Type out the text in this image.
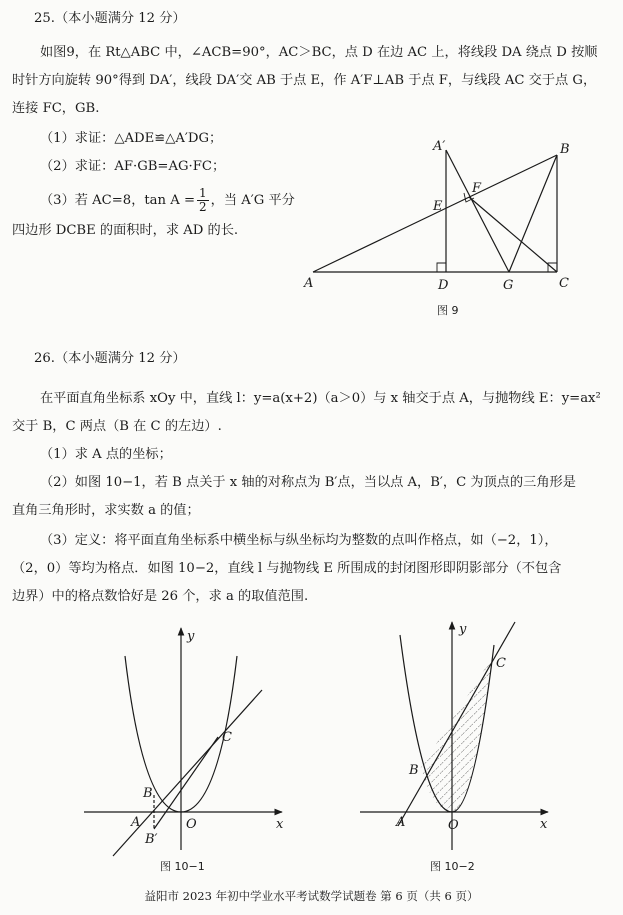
25.（本小题满分 12 分）
如图9，在 Rt△ABC 中，∠ACB=90°，AC＞BC，点 D 在边 AC 上，将线段 DA 绕点 D 按顺
时针方向旋转 90°得到 DA′，线段 DA′交 AB 于点 E，作 A′F⊥AB 于点 F，与线段 AC 交于点 G，
连接 FC，GB.
（1）求证：△ADE≌△A′DG；
（2）求证：AF·GB=AG·FC；
（3）若 AC=8，$\tan A = \frac{1}{2}$ ，当 A′G 平分
四边形 DCBE 的面积时，求 AD 的长.
A′	B
E
F
A	D	G	C
图 9
26.（本小题满分 12 分）
在平面直角坐标系 xOy 中，直线 l：y=a(x+2)（a＞0）与 x 轴交于点 A，与抛物线 E：y=ax²
交于 B，C 两点（B 在 C 的左边）.
（1）求 A 点的坐标；
（2）如图 10−1，若 B 点关于 x 轴的对称点为 B′点，当以点 A，B′，C 为顶点的三角形是
直角三角形时，求实数 a 的值；
（3）定义：将平面直角坐标系中横坐标与纵坐标均为整数的点叫作格点，如（−2，1），
（2，0）等均为格点．如图 10−2，直线 l 与抛物线 E 所围成的封闭图形即阴影部分（不包含
边界）中的格点数恰好是 26 个，求 a 的取值范围.
y
x
O
A
B
B′
C
图 10−1
y
x
O
A
B
C
图 10−2
益阳市 2023 年初中学业水平考试数学试题卷 第 6 页（共 6 页）
